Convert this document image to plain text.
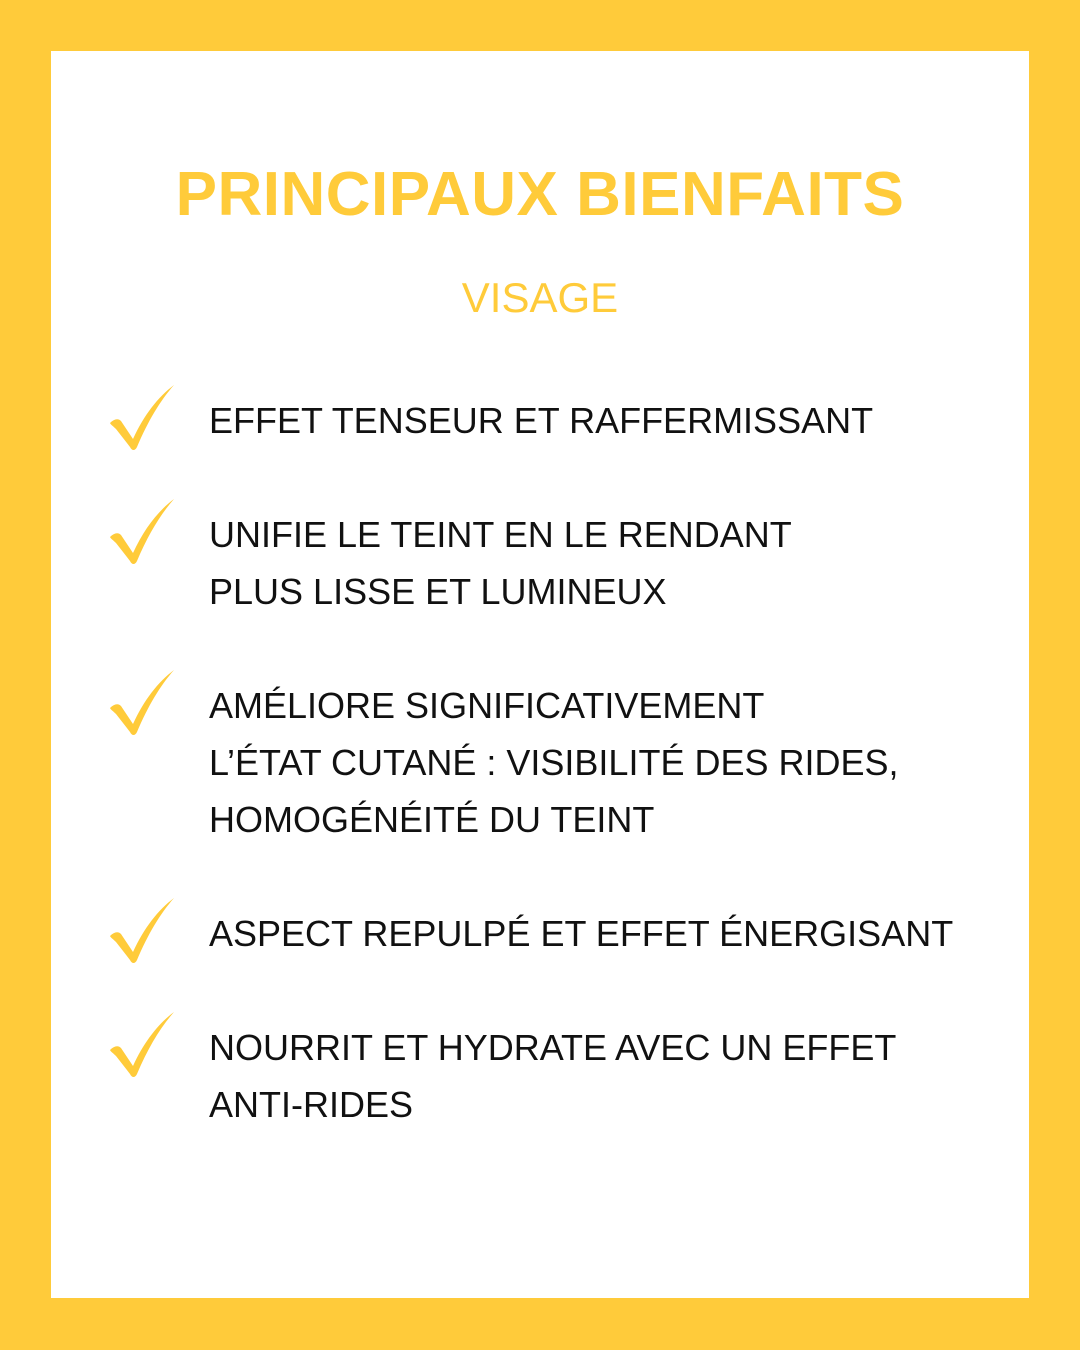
PRINCIPAUX BIENFAITS
VISAGE
EFFET TENSEUR ET RAFFERMISSANT
UNIFIE LE TEINT EN LE RENDANT
PLUS LISSE ET LUMINEUX
AMÉLIORE SIGNIFICATIVEMENT
L’ÉTAT CUTANÉ : VISIBILITÉ DES RIDES,
HOMOGÉNÉITÉ DU TEINT
ASPECT REPULPÉ ET EFFET ÉNERGISANT
NOURRIT ET HYDRATE AVEC UN EFFET
ANTI-RIDES
